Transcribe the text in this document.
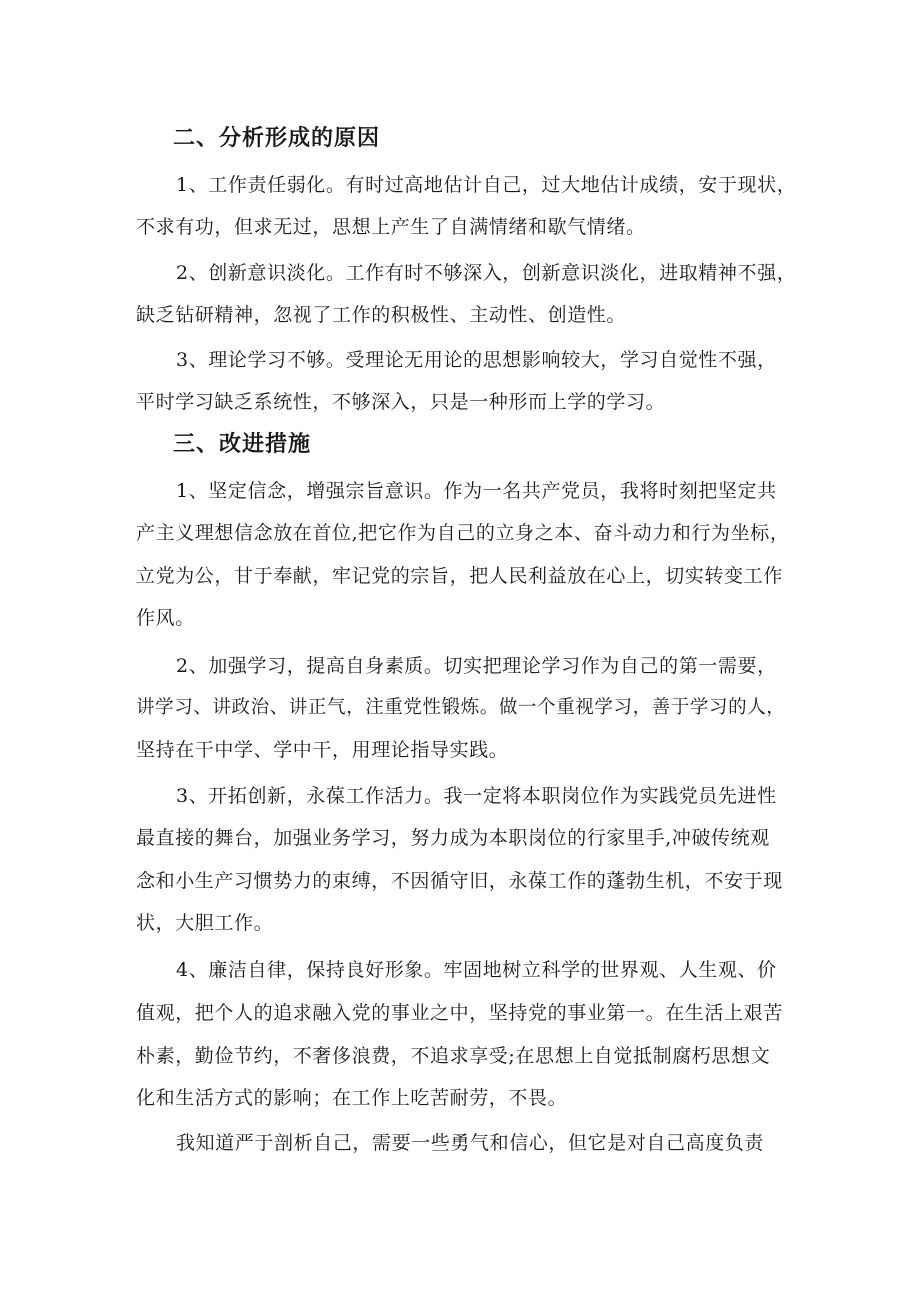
二、分析形成的原因
1、工作责任弱化。有时过高地估计自己，过大地估计成绩，安于现状，
不求有功，但求无过，思想上产生了自满情绪和歇气情绪。
2、创新意识淡化。工作有时不够深入，创新意识淡化，进取精神不强，
缺乏钻研精神，忽视了工作的积极性、主动性、创造性。
3、理论学习不够。受理论无用论的思想影响较大，学习自觉性不强，
平时学习缺乏系统性，不够深入，只是一种形而上学的学习。
三、改进措施
1、坚定信念，增强宗旨意识。作为一名共产党员，我将时刻把坚定共
产主义理想信念放在首位,把它作为自己的立身之本、奋斗动力和行为坐标，
立党为公，甘于奉献，牢记党的宗旨，把人民利益放在心上，切实转变工作
作风。
2、加强学习，提高自身素质。切实把理论学习作为自己的第一需要，
讲学习、讲政治、讲正气，注重党性锻炼。做一个重视学习，善于学习的人，
坚持在干中学、学中干，用理论指导实践。
3、开拓创新，永葆工作活力。我一定将本职岗位作为实践党员先进性
最直接的舞台，加强业务学习，努力成为本职岗位的行家里手,冲破传统观
念和小生产习惯势力的束缚，不因循守旧，永葆工作的蓬勃生机，不安于现
状，大胆工作。
4、廉洁自律，保持良好形象。牢固地树立科学的世界观、人生观、价
值观，把个人的追求融入党的事业之中，坚持党的事业第一。在生活上艰苦
朴素，勤俭节约，不奢侈浪费，不追求享受;在思想上自觉抵制腐朽思想文
化和生活方式的影响；在工作上吃苦耐劳，不畏。
我知道严于剖析自己，需要一些勇气和信心，但它是对自己高度负责
